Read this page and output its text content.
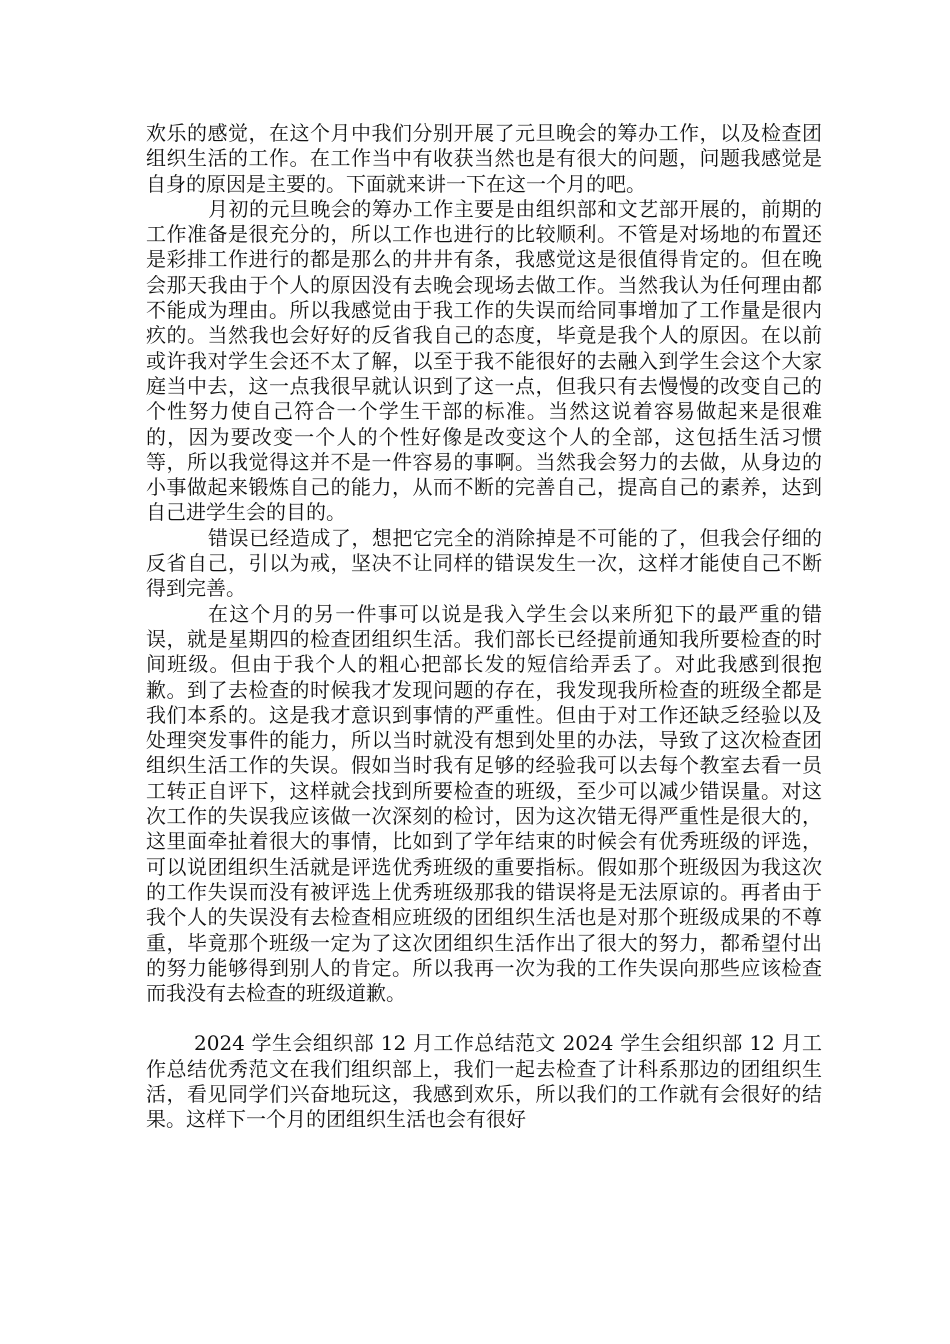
欢乐的感觉，在这个月中我们分别开展了元旦晚会的筹办工作，以及检查团组织生活的工作。在工作当中有收获当然也是有很大的问题，问题我感觉是自身的原因是主要的。下面就来讲一下在这一个月的吧。

月初的元旦晚会的筹办工作主要是由组织部和文艺部开展的，前期的工作准备是很充分的，所以工作也进行的比较顺利。不管是对场地的布置还是彩排工作进行的都是那么的井井有条，我感觉这是很值得肯定的。但在晚会那天我由于个人的原因没有去晚会现场去做工作。当然我认为任何理由都不能成为理由。所以我感觉由于我工作的失误而给同事增加了工作量是很内疚的。当然我也会好好的反省我自己的态度，毕竟是我个人的原因。在以前或许我对学生会还不太了解，以至于我不能很好的去融入到学生会这个大家庭当中去，这一点我很早就认识到了这一点，但我只有去慢慢的改变自己的个性努力使自己符合一个学生干部的标准。当然这说着容易做起来是很难的，因为要改变一个人的个性好像是改变这个人的全部，这包括生活习惯等，所以我觉得这并不是一件容易的事啊。当然我会努力的去做，从身边的小事做起来锻炼自己的能力，从而不断的完善自己，提高自己的素养，达到自己进学生会的目的。

错误已经造成了，想把它完全的消除掉是不可能的了，但我会仔细的反省自己，引以为戒，坚决不让同样的错误发生一次，这样才能使自己不断得到完善。

在这个月的另一件事可以说是我入学生会以来所犯下的最严重的错误，就是星期四的检查团组织生活。我们部长已经提前通知我所要检查的时间班级。但由于我个人的粗心把部长发的短信给弄丢了。对此我感到很抱歉。到了去检查的时候我才发现问题的存在，我发现我所检查的班级全都是我们本系的。这是我才意识到事情的严重性。但由于对工作还缺乏经验以及处理突发事件的能力，所以当时就没有想到处里的办法，导致了这次检查团组织生活工作的失误。假如当时我有足够的经验我可以去每个教室去看一员工转正自评下，这样就会找到所要检查的班级，至少可以减少错误量。对这次工作的失误我应该做一次深刻的检讨，因为这次错无得严重性是很大的，这里面牵扯着很大的事情，比如到了学年结束的时候会有优秀班级的评选，可以说团组织生活就是评选优秀班级的重要指标。假如那个班级因为我这次的工作失误而没有被评选上优秀班级那我的错误将是无法原谅的。再者由于我个人的失误没有去检查相应班级的团组织生活也是对那个班级成果的不尊重，毕竟那个班级一定为了这次团组织生活作出了很大的努力，都希望付出的努力能够得到别人的肯定。所以我再一次为我的工作失误向那些应该检查而我没有去检查的班级道歉。

2024 学生会组织部 12 月工作总结范文 2024 学生会组织部 12 月工作总结优秀范文在我们组织部上，我们一起去检查了计科系那边的团组织生活，看见同学们兴奋地玩这，我感到欢乐，所以我们的工作就有会很好的结果。这样下一个月的团组织生活也会有很好
